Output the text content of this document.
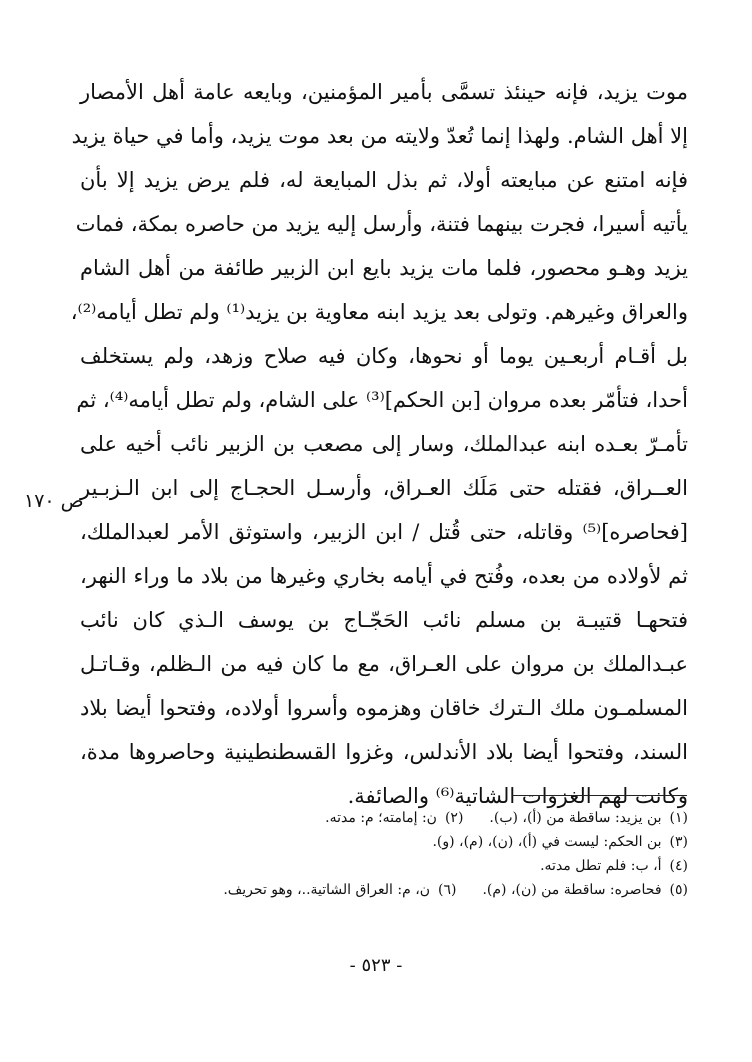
موت يزيد، فإنه حينئذ تسمَّى بأمير المؤمنين، وبايعه عامة أهل الأمصار
إلا أهل الشام. ولهذا إنما تُعدّ ولايته من بعد موت يزيد، وأما في حياة يزيد
فإنه امتنع عن مبايعته أولا، ثم بذل المبايعة له، فلم يرض يزيد إلا بأن
يأتيه أسيرا، فجرت بينهما فتنة، وأرسل إليه يزيد من حاصره بمكة، فمات
يزيد وهـو محصور، فلما مات يزيد بايع ابن الزبير طائفة من أهل الشام
والعراق وغيرهم. وتولى بعد يزيد ابنه معاوية بن يزيد⁽¹⁾ ولم تطل أيامه⁽²⁾،
بل أقـام أربعـين يوما أو نحوها، وكان فيه صلاح وزهد، ولم يستخلف
أحدا، فتأمّر بعده مروان [بن الحكم]⁽³⁾ على الشام، ولم تطل أيامه⁽⁴⁾، ثم
تأمـرّ بعـده ابنه عبدالملك، وسار إلى مصعب بن الزبير نائب أخيه على
العــراق، فقتله حتى مَلَك العـراق، وأرسـل الحجـاج إلى ابن الـزبـير
[فحاصره]⁽⁵⁾ وقاتله، حتى قُتل / ابن الزبير، واستوثق الأمر لعبدالملك،
ثم لأولاده من بعده، وفُتح في أيامه بخاري وغيرها من بلاد ما وراء النهر،
فتحهـا قتيبـة بن مسلم نائب الحَجّـاج بن يوسف الـذي كان نائب
عبـدالملك بن مروان على العـراق، مع ما كان فيه من الـظلم، وقـاتـل
المسلمـون ملك الـترك خاقان وهزموه وأسروا أولاده، وفتحوا أيضا بلاد
السند، وفتحوا أيضا بلاد الأندلس، وغزوا القسطنطينية وحاصروها مدة،
وكانت لهم الغزوات الشاتية⁽⁶⁾ والصائفة.
ص ١٧٠
(١)بن يزيد: ساقطة من (أ)، (ب).(٢)ن: إمامته؛ م: مدته.
(٣)بن الحكم: ليست في (أ)، (ن)، (م)، (و).
(٤)أ، ب: فلم تطل مدته.
(٥)فحاصره: ساقطة من (ن)، (م).(٦)ن، م: العراق الشاتية..، وهو تحريف.
- ٥٢٣ -
